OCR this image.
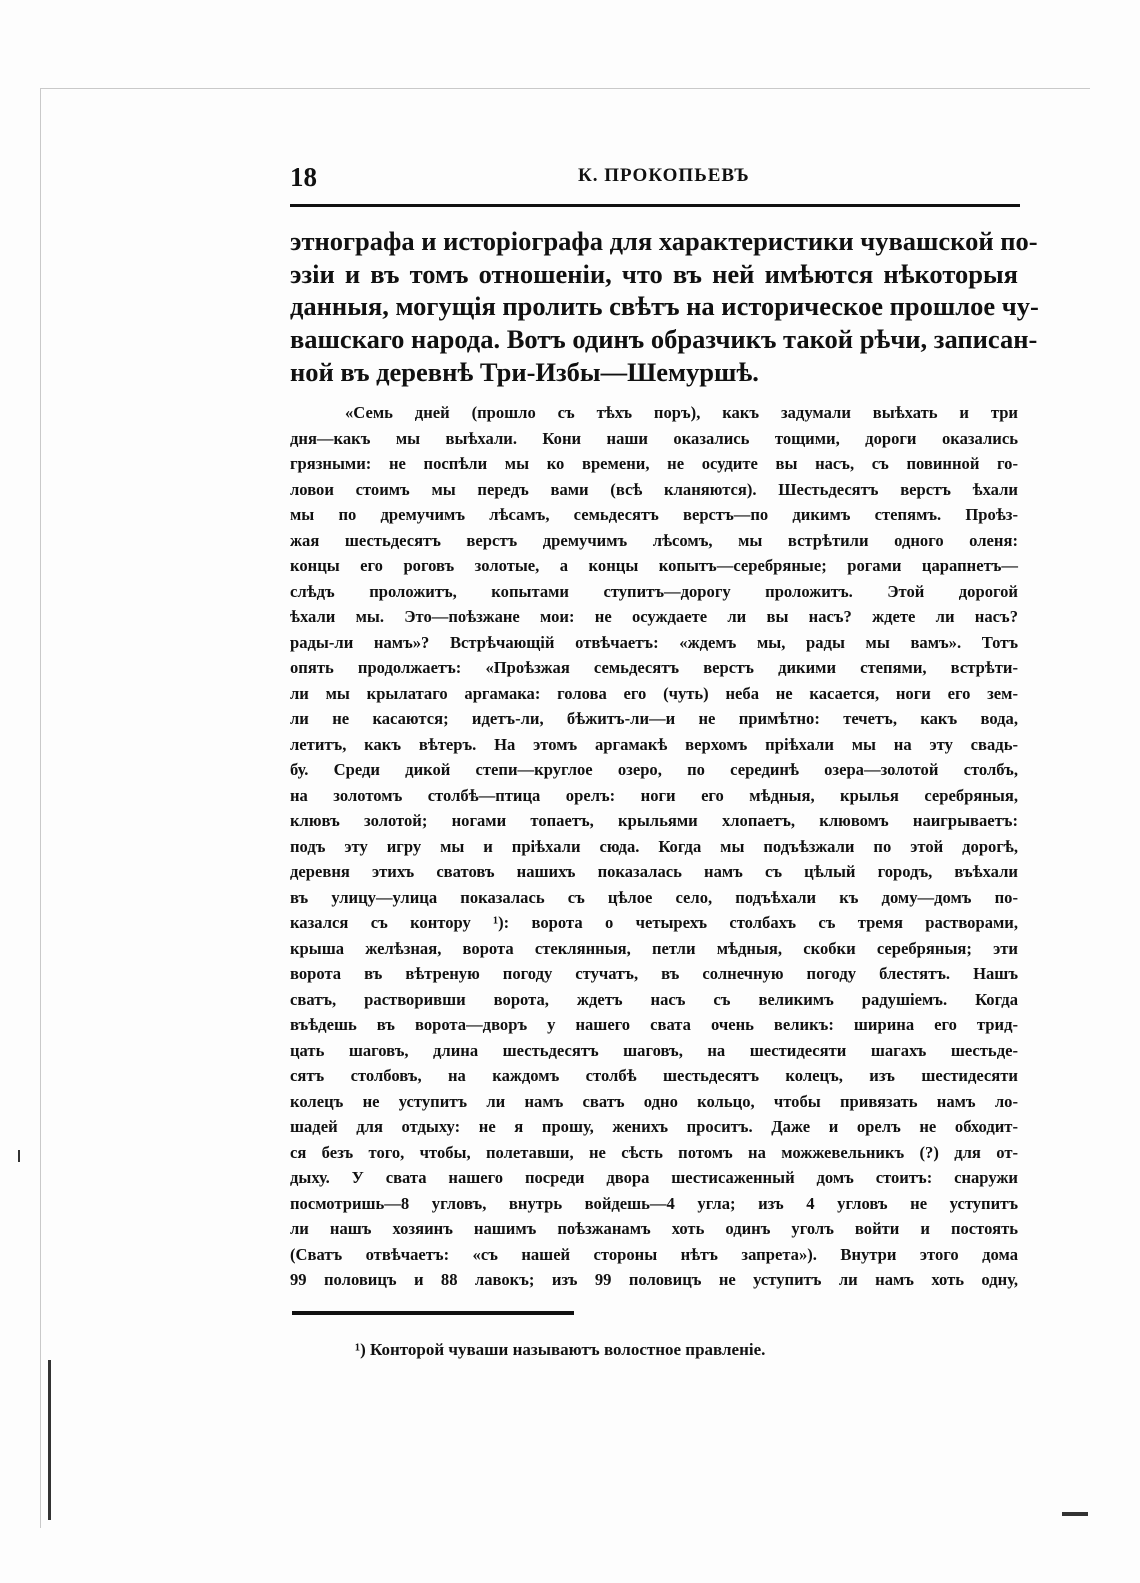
18	К. ПРОКОПЬЕВЪ
этнографа и исторіографа для характеристики чувашской по-
эзіи и въ томъ отношеніи, что въ ней имѣются нѣкоторыя
данныя, могущія пролить свѣтъ на историческое прошлое чу-
вашскаго народа. Вотъ одинъ образчикъ такой рѣчи, записан-
ной въ деревнѣ Три-Избы—Шемуршѣ.
«Семь дней (прошло съ тѣхъ поръ), какъ задумали выѣхать и три
дня—какъ мы выѣхали. Кони наши оказались тощими, дороги оказались
грязными: не поспѣли мы ко времени, не осудите вы насъ, съ повинной го-
ловои стоимъ мы передъ вами (всѣ кланяются). Шестьдесятъ верстъ ѣхали
мы по дремучимъ лѣсамъ, семьдесятъ верстъ—по дикимъ степямъ. Проѣз-
жая шестьдесятъ верстъ дремучимъ лѣсомъ, мы встрѣтили одного оленя:
концы его роговъ золотые, а концы копытъ—серебряные; рогами царапнетъ—
слѣдъ проложитъ, копытами ступитъ—дорогу проложитъ. Этой дорогой
ѣхали мы. Это—поѣзжане мои: не осуждаете ли вы насъ? ждете ли насъ?
рады-ли намъ»? Встрѣчающій отвѣчаетъ: «ждемъ мы, рады мы вамъ». Тотъ
опять продолжаетъ: «Проѣзжая семьдесятъ верстъ дикими степями, встрѣти-
ли мы крылатаго аргамака: голова его (чуть) неба не касается, ноги его зем-
ли не касаются; идетъ-ли, бѣжитъ-ли—и не примѣтно: течетъ, какъ вода,
летитъ, какъ вѣтеръ. На этомъ аргамакѣ верхомъ пріѣхали мы на эту свадь-
бу. Среди дикой степи—круглое озеро, по серединѣ озера—золотой столбъ,
на золотомъ столбѣ—птица орелъ: ноги его мѣдныя, крылья серебряныя,
клювъ золотой; ногами топаетъ, крыльями хлопаетъ, клювомъ наигрываетъ:
подъ эту игру мы и пріѣхали сюда. Когда мы подъѣзжали по этой дорогѣ,
деревня этихъ сватовъ нашихъ показалась намъ съ цѣлый городъ, въѣхали
въ улицу—улица показалась съ цѣлое село, подъѣхали къ дому—домъ по-
казался съ контору ¹): ворота о четырехъ столбахъ съ тремя растворами,
крыша желѣзная, ворота стеклянныя, петли мѣдныя, скобки серебряныя; эти
ворота въ вѣтреную погоду стучатъ, въ солнечную погоду блестятъ. Нашъ
сватъ, растворивши ворота, ждетъ насъ съ великимъ радушіемъ. Когда
въѣдешь въ ворота—дворъ у нашего свата очень великъ: ширина его трид-
цать шаговъ, длина шестьдесятъ шаговъ, на шестидесяти шагахъ шестьде-
сятъ столбовъ, на каждомъ столбѣ шестьдесятъ колецъ, изъ шестидесяти
колецъ не уступитъ ли намъ сватъ одно кольцо, чтобы привязать намъ ло-
шадей для отдыху: не я прошу, женихъ проситъ. Даже и орелъ не обходит-
ся безъ того, чтобы, полетавши, не сѣсть потомъ на можжевельникъ (?) для от-
дыху. У свата нашего посреди двора шестисаженный домъ стоитъ: снаружи
посмотришь—8 угловъ, внутрь войдешь—4 угла; изъ 4 угловъ не уступитъ
ли нашъ хозяинъ нашимъ поѣзжанамъ хоть одинъ уголъ войти и постоять
(Сватъ отвѣчаетъ: «съ нашей стороны нѣтъ запрета»). Внутри этого дома
99 половицъ и 88 лавокъ; изъ 99 половицъ не уступитъ ли намъ хоть одну,
¹) Конторой чуваши называютъ волостное правленіе.
